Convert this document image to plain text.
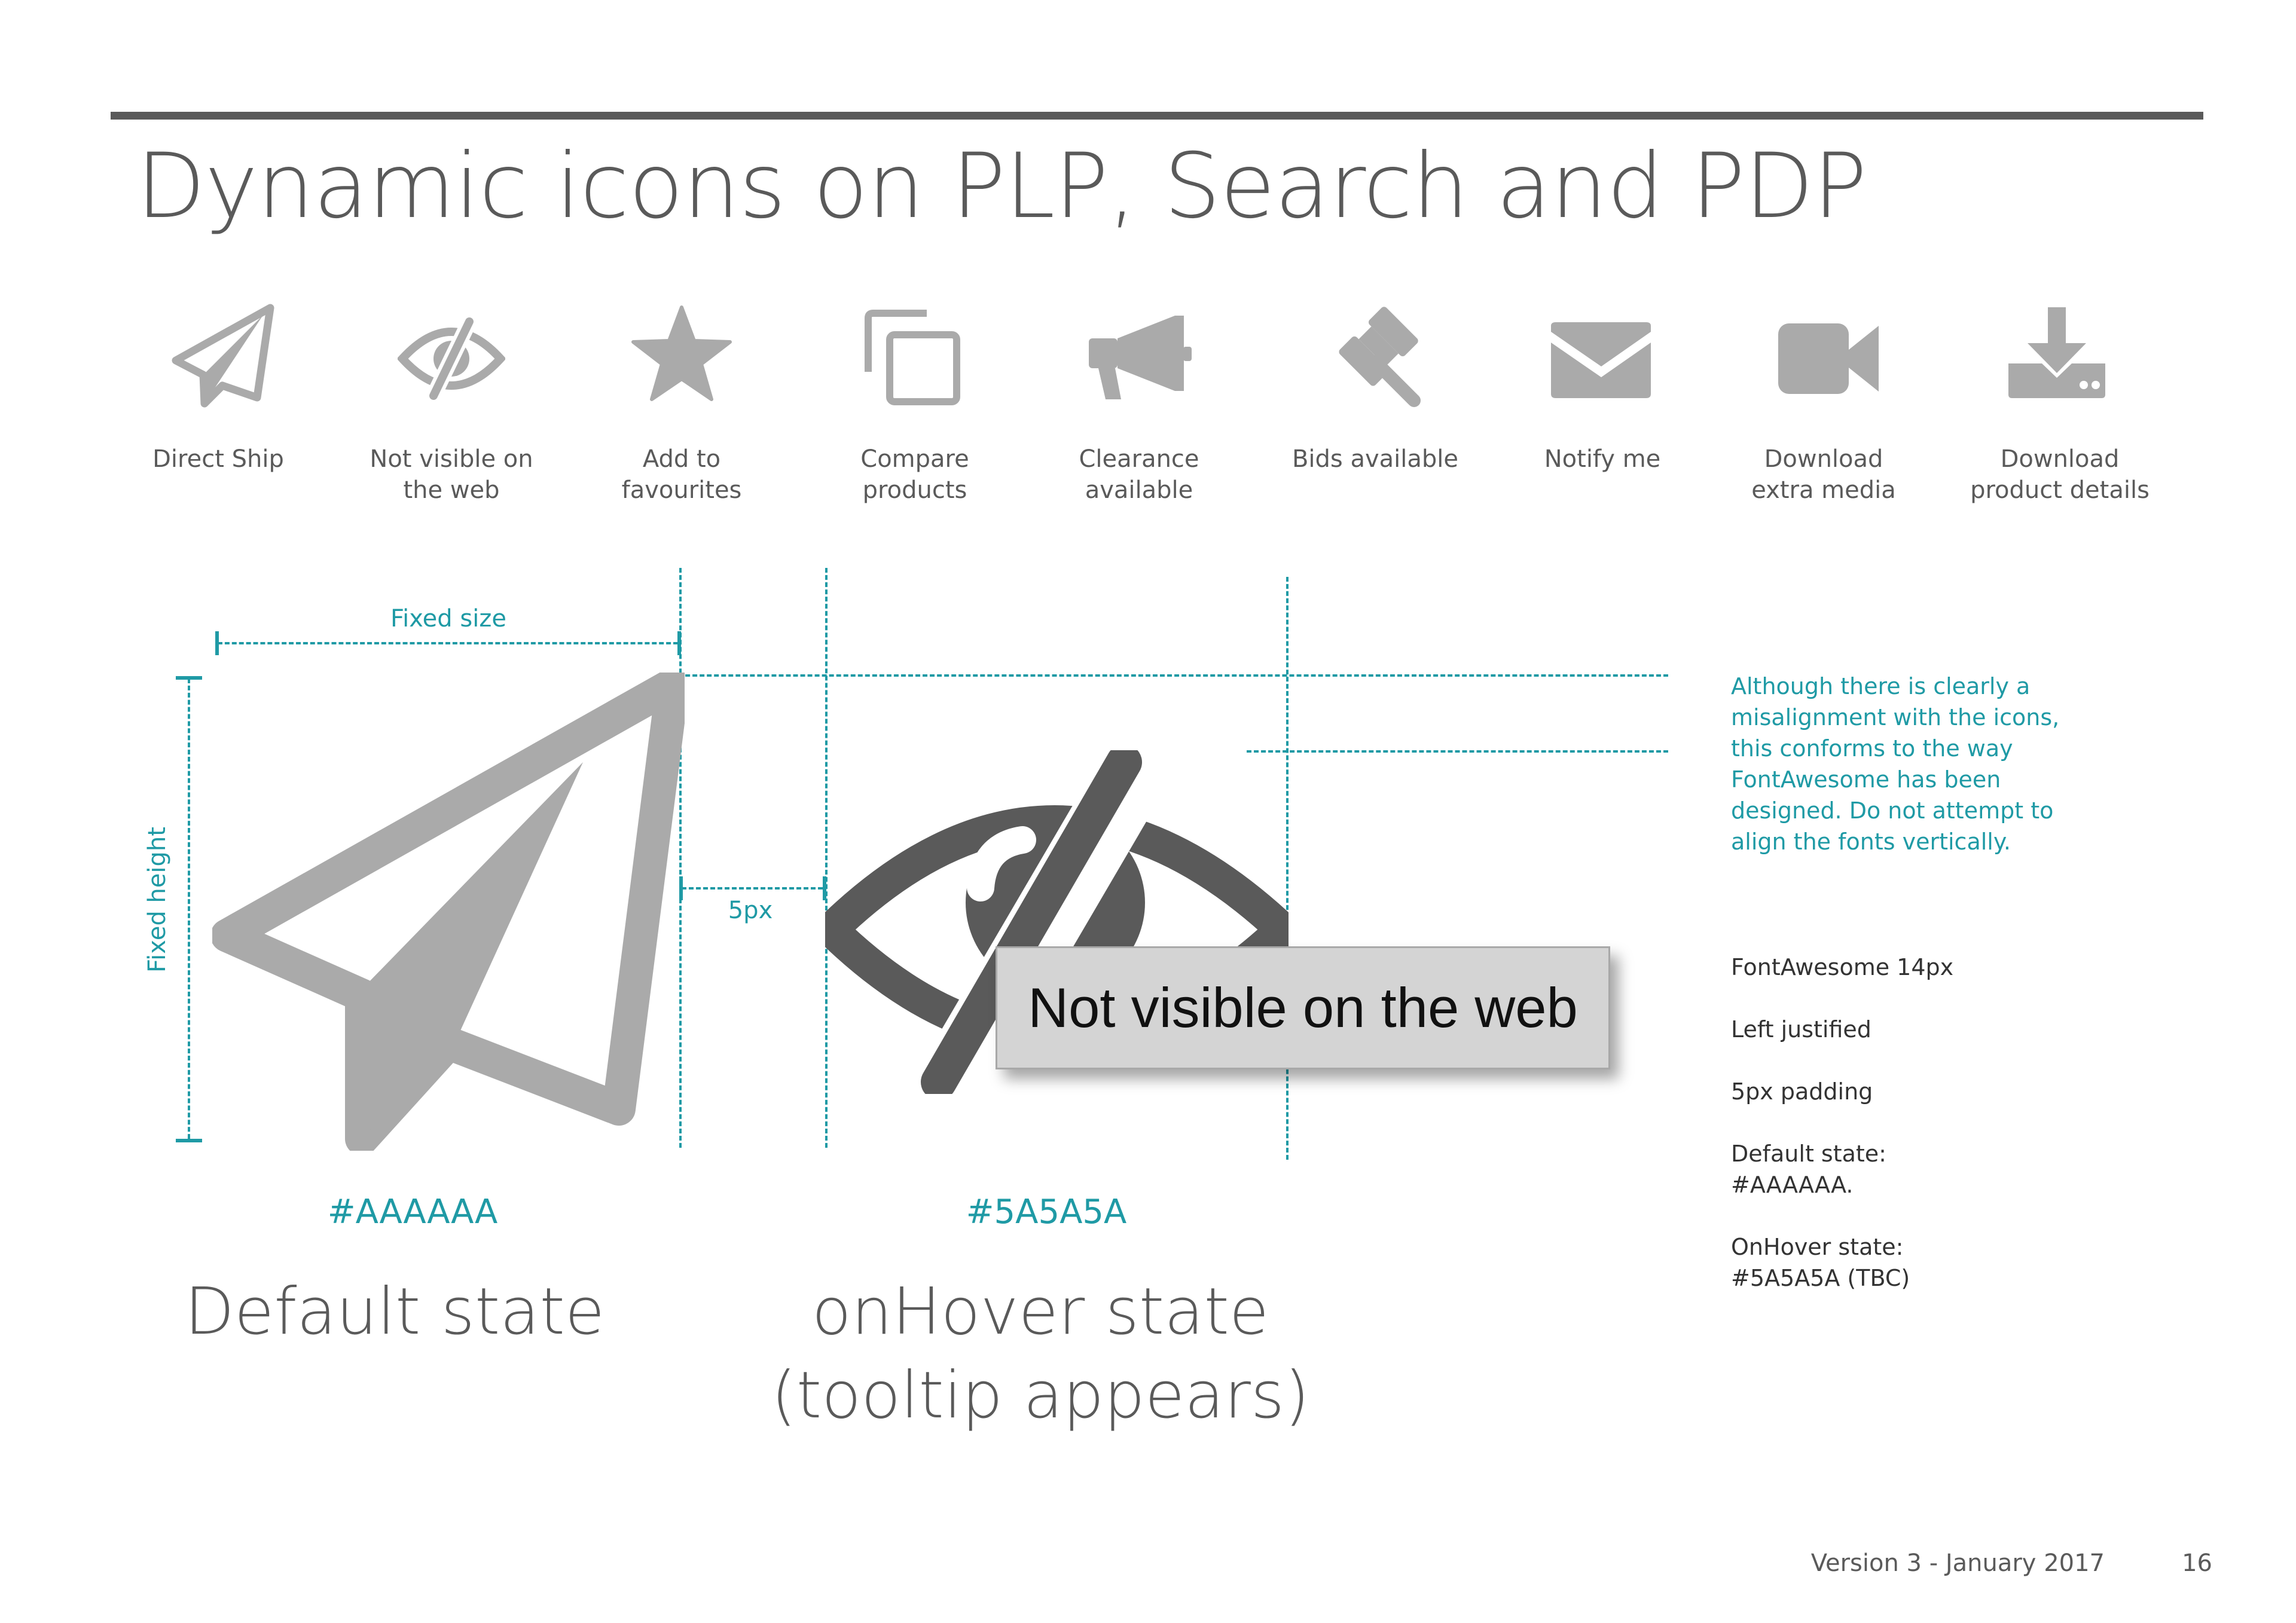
Dynamic icons on PLP, Search and PDP
Direct Ship	Not visible on
the web
Add to
favourites
Compare
products
Clearance
available
Bids available	Notify me	Download
extra media
Download
product details
Fixed size
Fixed height	5px
Not visible on the web
#AAAAAA	#5A5A5A
Default state	onHover state
(tooltip appears)
Although there is clearly a
misalignment with the icons,
this conforms to the way
FontAwesome has been
designed. Do not attempt to
align the fonts vertically.
FontAwesome 14px
Left justified
5px padding
Default state:
#AAAAAA.
OnHover state:
#5A5A5A (TBC)
Version 3 - January 2017	16
